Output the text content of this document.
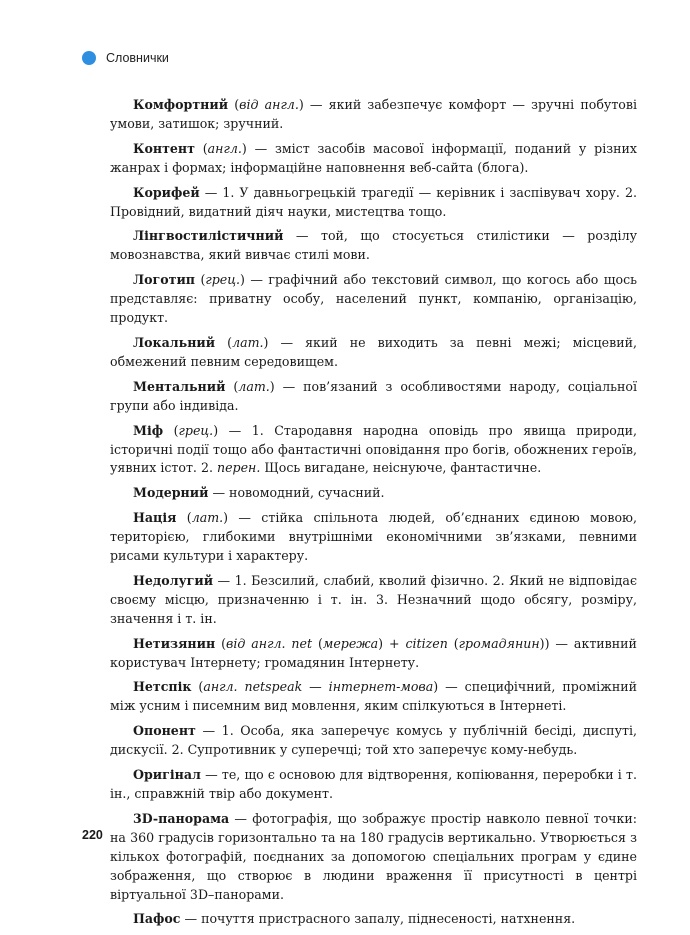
Словнички

Комфортний (від англ.) — який забезпечує комфорт — зручні побутові умови, затишок; зручний.

Контент (англ.) — зміст засобів масової інформації, поданий у різних жанрах і формах; інформаційне наповнення веб-сайта (блога).

Корифей — 1. У давньогрецькій трагедії — керівник і заспівувач хору. 2. Провідний, видатний діяч науки, мистецтва тощо.

Лінгвостилістичний — той, що стосується стилістики — розділу мовознавства, який вивчає стилі мови.

Логотип (грец.) — графічний або текстовий символ, що когось або щось представляє: приватну особу, населений пункт, компанію, організацію, продукт.

Локальний (лат.) — який не виходить за певні межі; місцевий, обмежений певним середовищем.

Ментальний (лат.) — пов’язаний з особливостями народу, соціальної групи або індивіда.

Міф (грец.) — 1. Стародавня народна оповідь про явища природи, історичні події тощо або фантастичні оповідання про богів, обожнених героїв, уявних істот. 2. перен. Щось вигадане, неіснуюче, фантастичне.

Модерний — новомодний, сучасний.

Нація (лат.) — стійка спільнота людей, об’єднаних єдиною мовою, територією, глибокими внутрішніми економічними зв’язками, певними рисами культури і характеру.

Недолугий — 1. Безсилий, слабий, кволий фізично. 2. Який не відповідає своєму місцю, призначенню і т. ін. 3. Незначний щодо обсягу, розміру, значення і т. ін.

Нетизянин (від англ. net (мережа) + citizen (громадянин)) — активний користувач Інтернету; громадянин Інтернету.

Нетспік (англ. netspeak — інтернет-мова) — специфічний, проміжний між усним і писемним вид мовлення, яким спілкуються в Інтернеті.

Опонент — 1. Особа, яка заперечує комусь у публічній бесіді, диспуті, дискусії. 2. Супротивник у суперечці; той хто заперечує кому-небудь.

Оригінал — те, що є основою для відтворення, копіювання, переробки і т. ін., справжній твір або документ.

3D-панорама — фотографія, що зображує простір навколо певної точки: на 360 градусів горизонтально та на 180 градусів вертикально. Утворюється з кількох фотографій, поєднаних за допомогою спеціальних програм у єдине зображення, що створює в людини враження її присутності в центрі віртуальної 3D–панорами.

Пафос — почуття пристрасного запалу, піднесеності, натхнення.

220
